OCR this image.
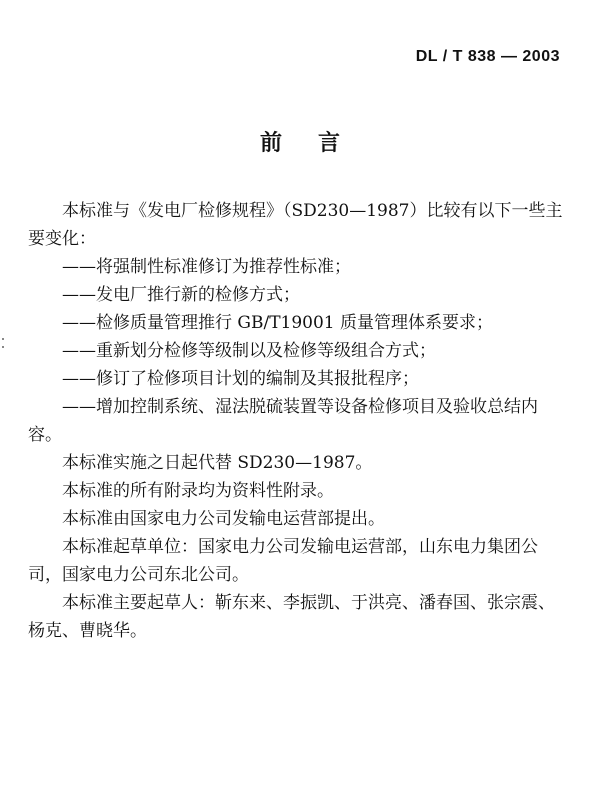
DL / T 838 — 2003
前言

本标准与《发电厂检修规程》（SD230—1987）比较有以下一些主要变化：

——将强制性标准修订为推荐性标准；

——发电厂推行新的检修方式；

——检修质量管理推行 GB/T19001 质量管理体系要求；

——重新划分检修等级制以及检修等级组合方式；

——修订了检修项目计划的编制及其报批程序；

——增加控制系统、湿法脱硫装置等设备检修项目及验收总结内容。

本标准实施之日起代替 SD230—1987。

本标准的所有附录均为资料性附录。

本标准由国家电力公司发输电运营部提出。

本标准起草单位：国家电力公司发输电运营部，山东电力集团公司，国家电力公司东北公司。

本标准主要起草人：靳东来、李振凯、于洪亮、潘春国、张宗震、杨克、曹晓华。
